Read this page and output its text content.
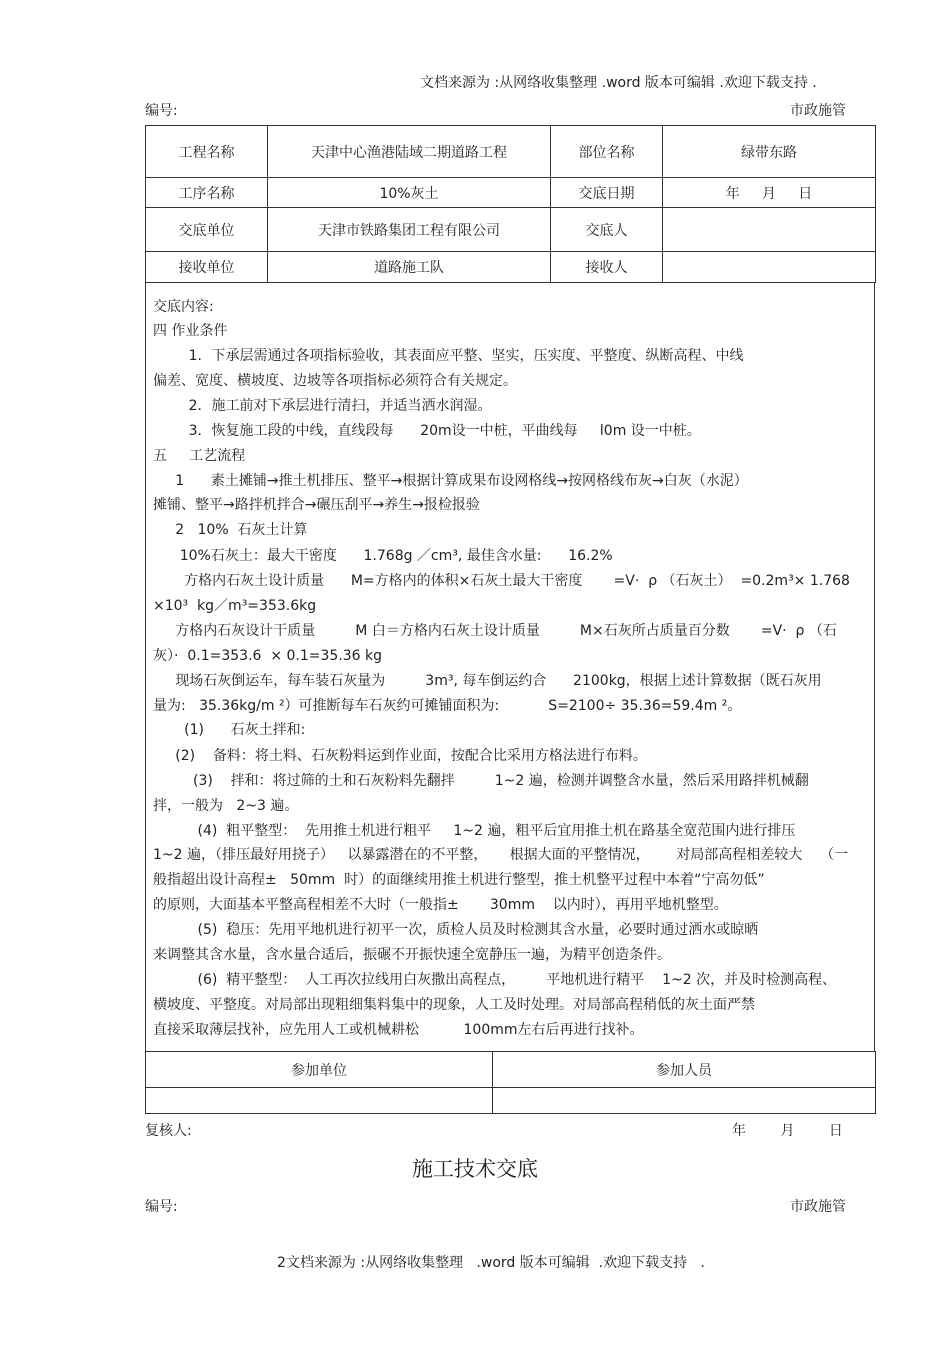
文档来源为 :从网络收集整理 .word 版本可编辑 .欢迎下载支持 .
编号:	市政施管
工程名称	天津中心渔港陆域二期道路工程	部位名称	绿带东路
工序名称	10%灰土	交底日期	年     月     日
交底单位	天津市铁路集团工程有限公司	交底人	
接收单位	道路施工队	接收人	
交底内容:
四 作业条件
1．下承层需通过各项指标验收，其表面应平整、坚实，压实度、平整度、纵断高程、中线
偏差、宽度、横坡度、边坡等各项指标必须符合有关规定。
2．施工前对下承层进行清扫，并适当洒水润湿。
3．恢复施工段的中线，直线段每      20m设一中桩，平曲线每     l0m 设一中桩。
五     工艺流程
1      素土摊铺→推土机排压、整平→根据计算成果布设网格线→按网格线布灰→白灰（水泥）
摊铺、整平→路拌机拌合→碾压刮平→养生→报检报验
2   10%  石灰土计算
10%石灰土：最大干密度      1.768g ／cm³, 最佳含水量:      16.2%
方格内石灰土设计质量      M=方格内的体积×石灰土最大干密度       =V·  ρ （石灰土）  =0.2m³× 1.768
×10³  kg／m³=353.6kg
方格内石灰设计干质量         M 白＝方格内石灰土设计质量         M×石灰所占质量百分数       =V·  ρ （石
灰）·  0.1=353.6  × 0.1=35.36 kg
现场石灰倒运车，每车装石灰量为         3m³, 每车倒运约合      2100kg，根据上述计算数据（既石灰用
量为:   35.36kg/m ²）可推断每车石灰约可摊铺面积为:           S=2100÷ 35.36=59.4m ²。
(1)      石灰土拌和:
(2)    备料：将土料、石灰粉料运到作业面，按配合比采用方格法进行布料。
(3)    拌和：将过筛的土和石灰粉料先翻拌         1~2 遍，检测并调整含水量，然后采用路拌机械翻
拌，一般为   2~3 遍。
(4)  粗平整型：  先用推土机进行粗平     1~2 遍，粗平后宜用推土机在路基全宽范围内进行排压
1~2 遍，（排压最好用挠子）   以暴露潜在的不平整，     根据大面的平整情况，      对局部高程相差较大    （一
般指超出设计高程±   50mm  时）的面继续用推土机进行整型，推土机整平过程中本着“宁高勿低”
的原则，大面基本平整高程相差不大时（一般指±       30mm    以内时），再用平地机整型。
(5)  稳压：先用平地机进行初平一次，质检人员及时检测其含水量，必要时通过洒水或晾晒
来调整其含水量，含水量合适后，振碾不开振快速全宽静压一遍，为精平创造条件。
(6)  精平整型：  人工再次拉线用白灰撒出高程点，       平地机进行精平    1~2 次，并及时检测高程、
横坡度、平整度。对局部出现粗细集料集中的现象，人工及时处理。对局部高程稍低的灰土面严禁
直接采取薄层找补，应先用人工或机械耕松          100mm左右后再进行找补。
参加单位	参加人员

复核人:	年 月 日
施工技术交底
编号:	市政施管
2文档来源为 :从网络收集整理   .word 版本可编辑  .欢迎下载支持   .
